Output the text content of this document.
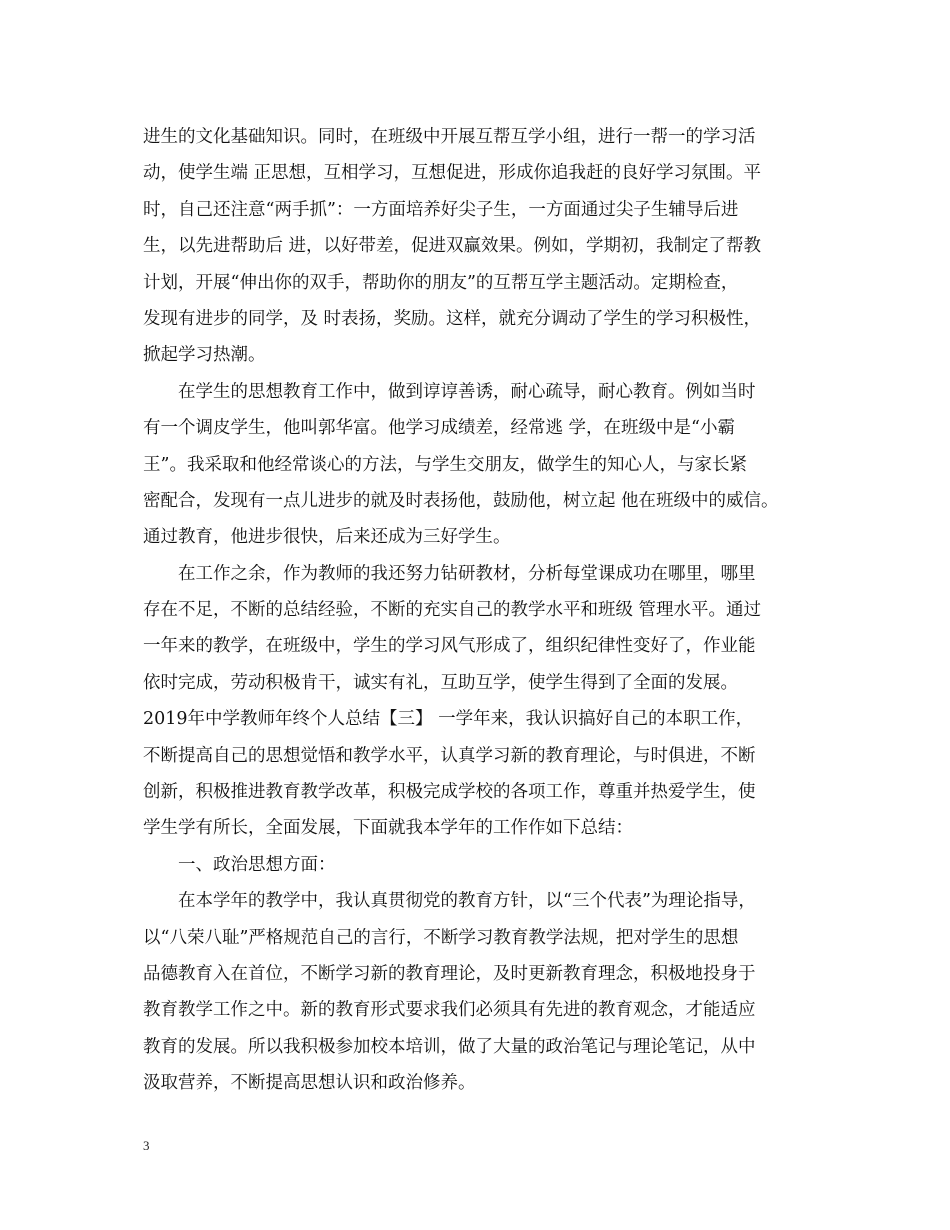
进生的文化基础知识。同时，在班级中开展互帮互学小组，进行一帮一的学习活
动，使学生端 正思想，互相学习，互想促进，形成你追我赶的良好学习氛围。平
时，自己还注意“两手抓”：一方面培养好尖子生，一方面通过尖子生辅导后进
生，以先进帮助后 进，以好带差，促进双赢效果。例如，学期初，我制定了帮教
计划，开展“伸出你的双手，帮助你的朋友”的互帮互学主题活动。定期检查，
发现有进步的同学，及 时表扬，奖励。这样，就充分调动了学生的学习积极性，
掀起学习热潮。
在学生的思想教育工作中，做到谆谆善诱，耐心疏导，耐心教育。例如当时
有一个调皮学生，他叫郭华富。他学习成绩差，经常逃 学，在班级中是“小霸
王”。我采取和他经常谈心的方法，与学生交朋友，做学生的知心人，与家长紧
密配合，发现有一点儿进步的就及时表扬他，鼓励他，树立起 他在班级中的威信。
通过教育，他进步很快，后来还成为三好学生。
在工作之余，作为教师的我还努力钻研教材，分析每堂课成功在哪里，哪里
存在不足，不断的总结经验，不断的充实自己的教学水平和班级 管理水平。通过
一年来的教学，在班级中，学生的学习风气形成了，组织纪律性变好了，作业能
依时完成，劳动积极肯干，诚实有礼，互助互学，使学生得到了全面的发展。
2019年中学教师年终个人总结【三】 一学年来，我认识搞好自己的本职工作，
不断提高自己的思想觉悟和教学水平，认真学习新的教育理论，与时俱进，不断
创新，积极推进教育教学改革，积极完成学校的各项工作，尊重并热爱学生，使
学生学有所长，全面发展，下面就我本学年的工作作如下总结：
一、政治思想方面：
在本学年的教学中，我认真贯彻党的教育方针，以“三个代表”为理论指导，
以“八荣八耻”严格规范自己的言行，不断学习教育教学法规，把对学生的思想
品德教育入在首位，不断学习新的教育理论，及时更新教育理念，积极地投身于
教育教学工作之中。新的教育形式要求我们必须具有先进的教育观念，才能适应
教育的发展。所以我积极参加校本培训，做了大量的政治笔记与理论笔记，从中
汲取营养，不断提高思想认识和政治修养。
3
